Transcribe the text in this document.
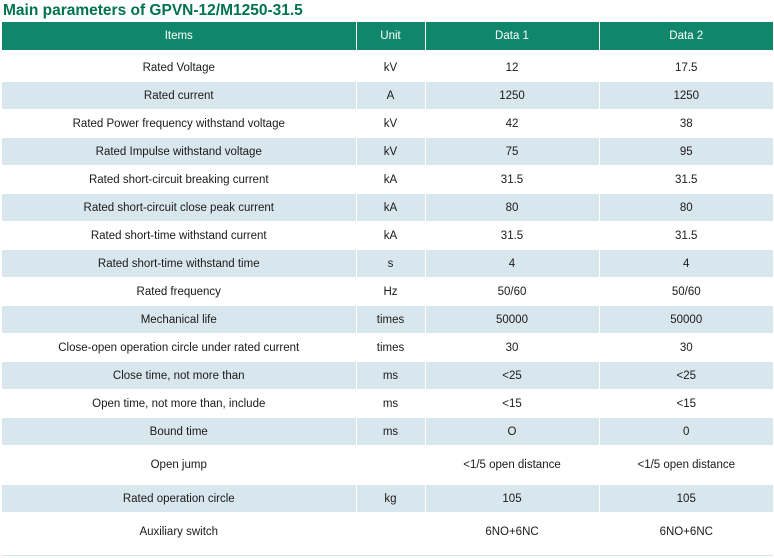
Main parameters of GPVN-12/M1250-31.5
Items	Unit	Data 1	Data 2

Rated Voltage	kV	12	17.5
Rated current	A	1250	1250
Rated Power frequency withstand voltage	kV	42	38
Rated Impulse withstand voltage	kV	75	95
Rated short-circuit breaking current	kA	31.5	31.5
Rated short-circuit close peak current	kA	80	80
Rated short-time withstand current	kA	31.5	31.5
Rated short-time withstand time	s	4	4
Rated frequency	Hz	50/60	50/60
Mechanical life	times	50000	50000
Close-open operation circle under rated current	times	30	30
Close time, not more than	ms	<25	<25
Open time, not more than, include	ms	<15	<15
Bound time	ms	O	0
Open jump		<1/5 open distance	<1/5 open distance
Rated operation circle	kg	105	105
Auxiliary switch		6NO+6NC	6NO+6NC
